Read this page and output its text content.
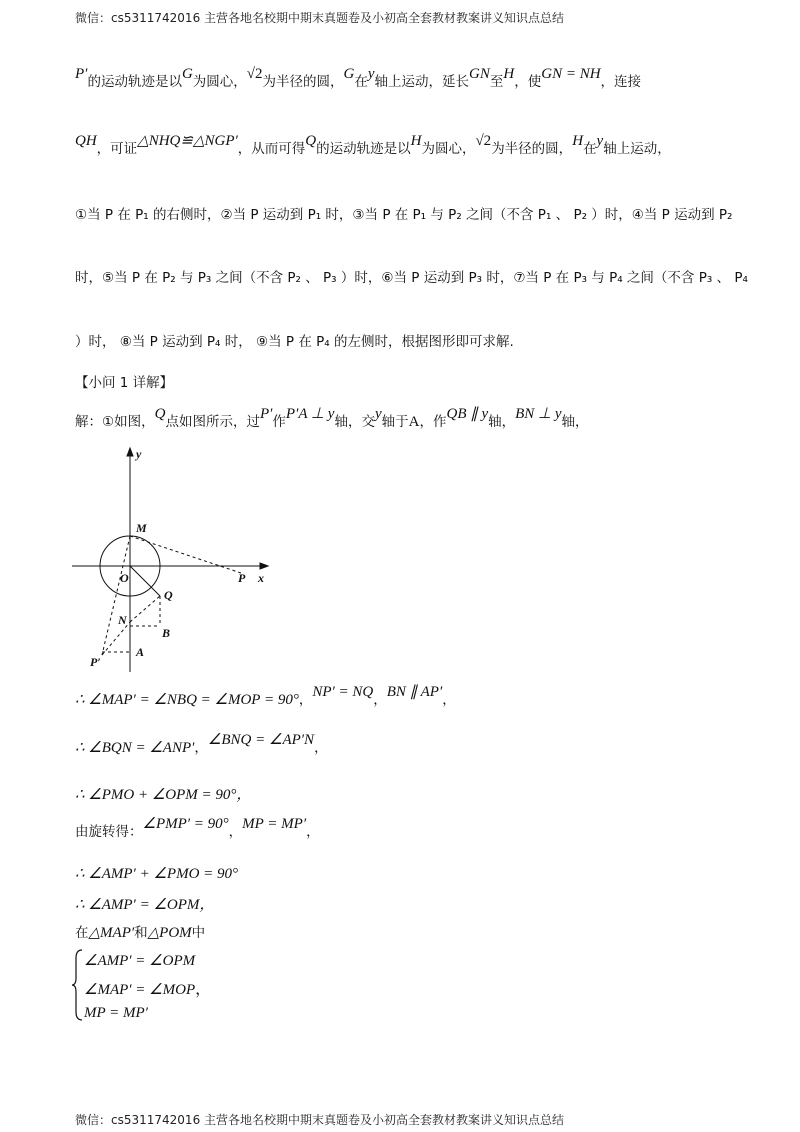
微信：cs5311742016 主营各地名校期中期末真题卷及小初高全套教材教案讲义知识点总结
P′的运动轨迹是以G为圆心，√2为半径的圆，G在y轴上运动，延长GN至H，使GN = NH，连接
QH，可证△NHQ≌△NGP′，从而可得Q的运动轨迹是以H为圆心，√2为半径的圆，H在y轴上运动，
①当 P 在 P₁ 的右侧时，②当 P 运动到 P₁ 时，③当 P 在 P₁ 与 P₂ 之间（不含 P₁ 、 P₂ ）时，④当 P 运动到 P₂
时，⑤当 P 在 P₂ 与 P₃ 之间（不含 P₂ 、 P₃ ）时，⑥当 P 运动到 P₃ 时，⑦当 P 在 P₃ 与 P₄ 之间（不含 P₃ 、 P₄
）时， ⑧当 P 运动到 P₄ 时， ⑨当 P 在 P₄ 的左侧时，根据图形即可求解.
【小问 1 详解】
解：①如图，Q点如图所示，过P′作P′A ⊥ y轴，交y轴于A，作QB ∥ y轴，BN ⊥ y轴，
y
x
M
O	P
Q
N
B
A
P′
∴ ∠MAP′ = ∠NBQ = ∠MOP = 90°，NP′ = NQ，BN ∥ AP′，
∴ ∠BQN = ∠ANP′，∠BNQ = ∠AP′N，
∴ ∠PMO + ∠OPM = 90°，
由旋转得：∠PMP′ = 90°，MP = MP′，
∴ ∠AMP′ + ∠PMO = 90°
∴ ∠AMP′ = ∠OPM，
在△MAP′和△POM中
∠AMP′ = ∠OPM
∠MAP′ = ∠MOP，
MP = MP′
微信：cs5311742016 主营各地名校期中期末真题卷及小初高全套教材教案讲义知识点总结
